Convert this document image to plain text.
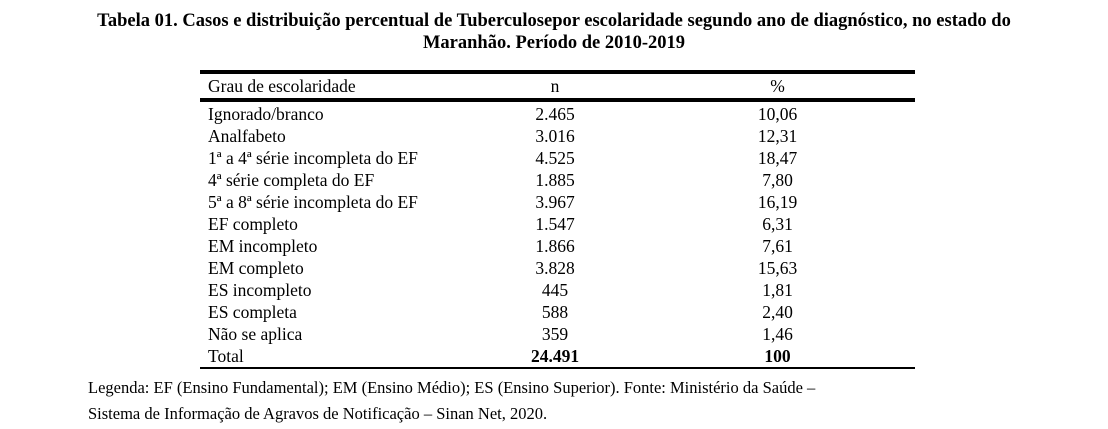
Tabela 01. Casos e distribuição percentual de Tuberculosepor escolaridade segundo ano de diagnóstico, no estado do
Maranhão. Período de 2010-2019
Grau de escolaridade	n	%
Ignorado/branco	2.465	10,06
Analfabeto	3.016	12,31
1ª a 4ª série incompleta do EF	4.525	18,47
4ª série completa do EF	1.885	7,80
5ª a 8ª série incompleta do EF	3.967	16,19
EF completo	1.547	6,31
EM incompleto	1.866	7,61
EM completo	3.828	15,63
ES incompleto	445	1,81
ES completa	588	2,40
Não se aplica	359	1,46
Total	24.491	100
Legenda: EF (Ensino Fundamental); EM (Ensino Médio); ES (Ensino Superior). Fonte: Ministério da Saúde –
Sistema de Informação de Agravos de Notificação – Sinan Net, 2020.
